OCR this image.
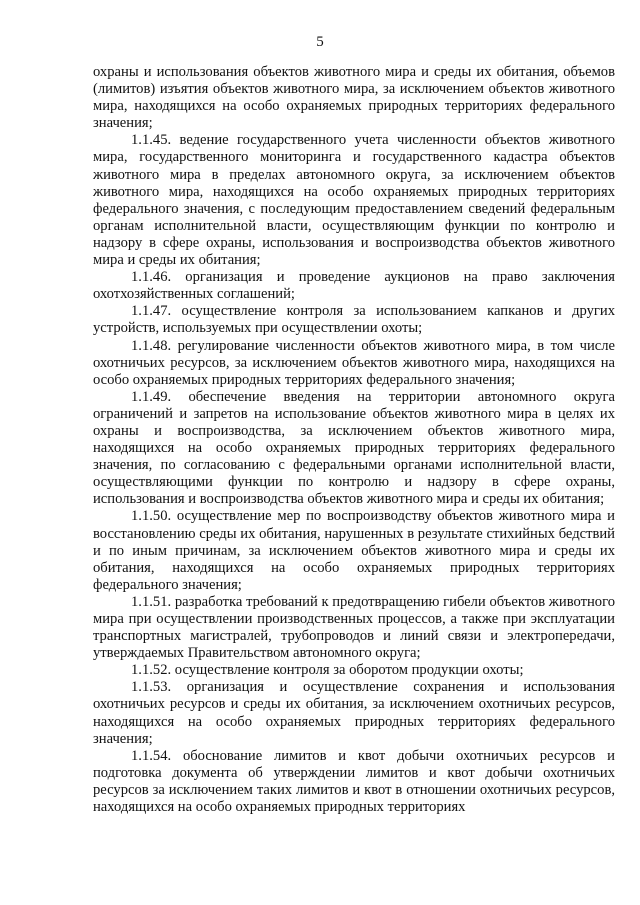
5

охраны и использования объектов животного мира и среды их обитания, объемов (лимитов) изъятия объектов животного мира, за исключением объектов животного мира, находящихся на особо охраняемых природных территориях федерального значения;

1.1.45. ведение государственного учета численности объектов животного мира, государственного мониторинга и государственного кадастра объектов животного мира в пределах автономного округа, за исключением объектов животного мира, находящихся на особо охраняемых природных территориях федерального значения, с последующим предоставлением сведений федеральным органам исполнительной власти, осуществляющим функции по контролю и надзору в сфере охраны, использования и воспроизводства объектов животного мира и среды их обитания;

1.1.46. организация и проведение аукционов на право заключения охотхозяйственных соглашений;

1.1.47. осуществление контроля за использованием капканов и других устройств, используемых при осуществлении охоты;

1.1.48. регулирование численности объектов животного мира, в том числе охотничьих ресурсов, за исключением объектов животного мира, находящихся на особо охраняемых природных территориях федерального значения;

1.1.49. обеспечение введения на территории автономного округа ограничений и запретов на использование объектов животного мира в целях их охраны и воспроизводства, за исключением объектов животного мира, находящихся на особо охраняемых природных территориях федерального значения, по согласованию с федеральными органами исполнительной власти, осуществляющими функции по контролю и надзору в сфере охраны, использования и воспроизводства объектов животного мира и среды их обитания;

1.1.50. осуществление мер по воспроизводству объектов животного мира и восстановлению среды их обитания, нарушенных в результате стихийных бедствий и по иным причинам, за исключением объектов животного мира и среды их обитания, находящихся на особо охраняемых природных территориях федерального значения;

1.1.51. разработка требований к предотвращению гибели объектов животного мира при осуществлении производственных процессов, а также при эксплуатации транспортных магистралей, трубопроводов и линий связи и электропередачи, утверждаемых Правительством автономного округа;

1.1.52. осуществление контроля за оборотом продукции охоты;

1.1.53. организация и осуществление сохранения и использования охотничьих ресурсов и среды их обитания, за исключением охотничьих ресурсов, находящихся на особо охраняемых природных территориях федерального значения;

1.1.54. обоснование лимитов и квот добычи охотничьих ресурсов и подготовка документа об утверждении лимитов и квот добычи охотничьих ресурсов за исключением таких лимитов и квот в отношении охотничьих ресурсов, находящихся на особо охраняемых природных территориях
